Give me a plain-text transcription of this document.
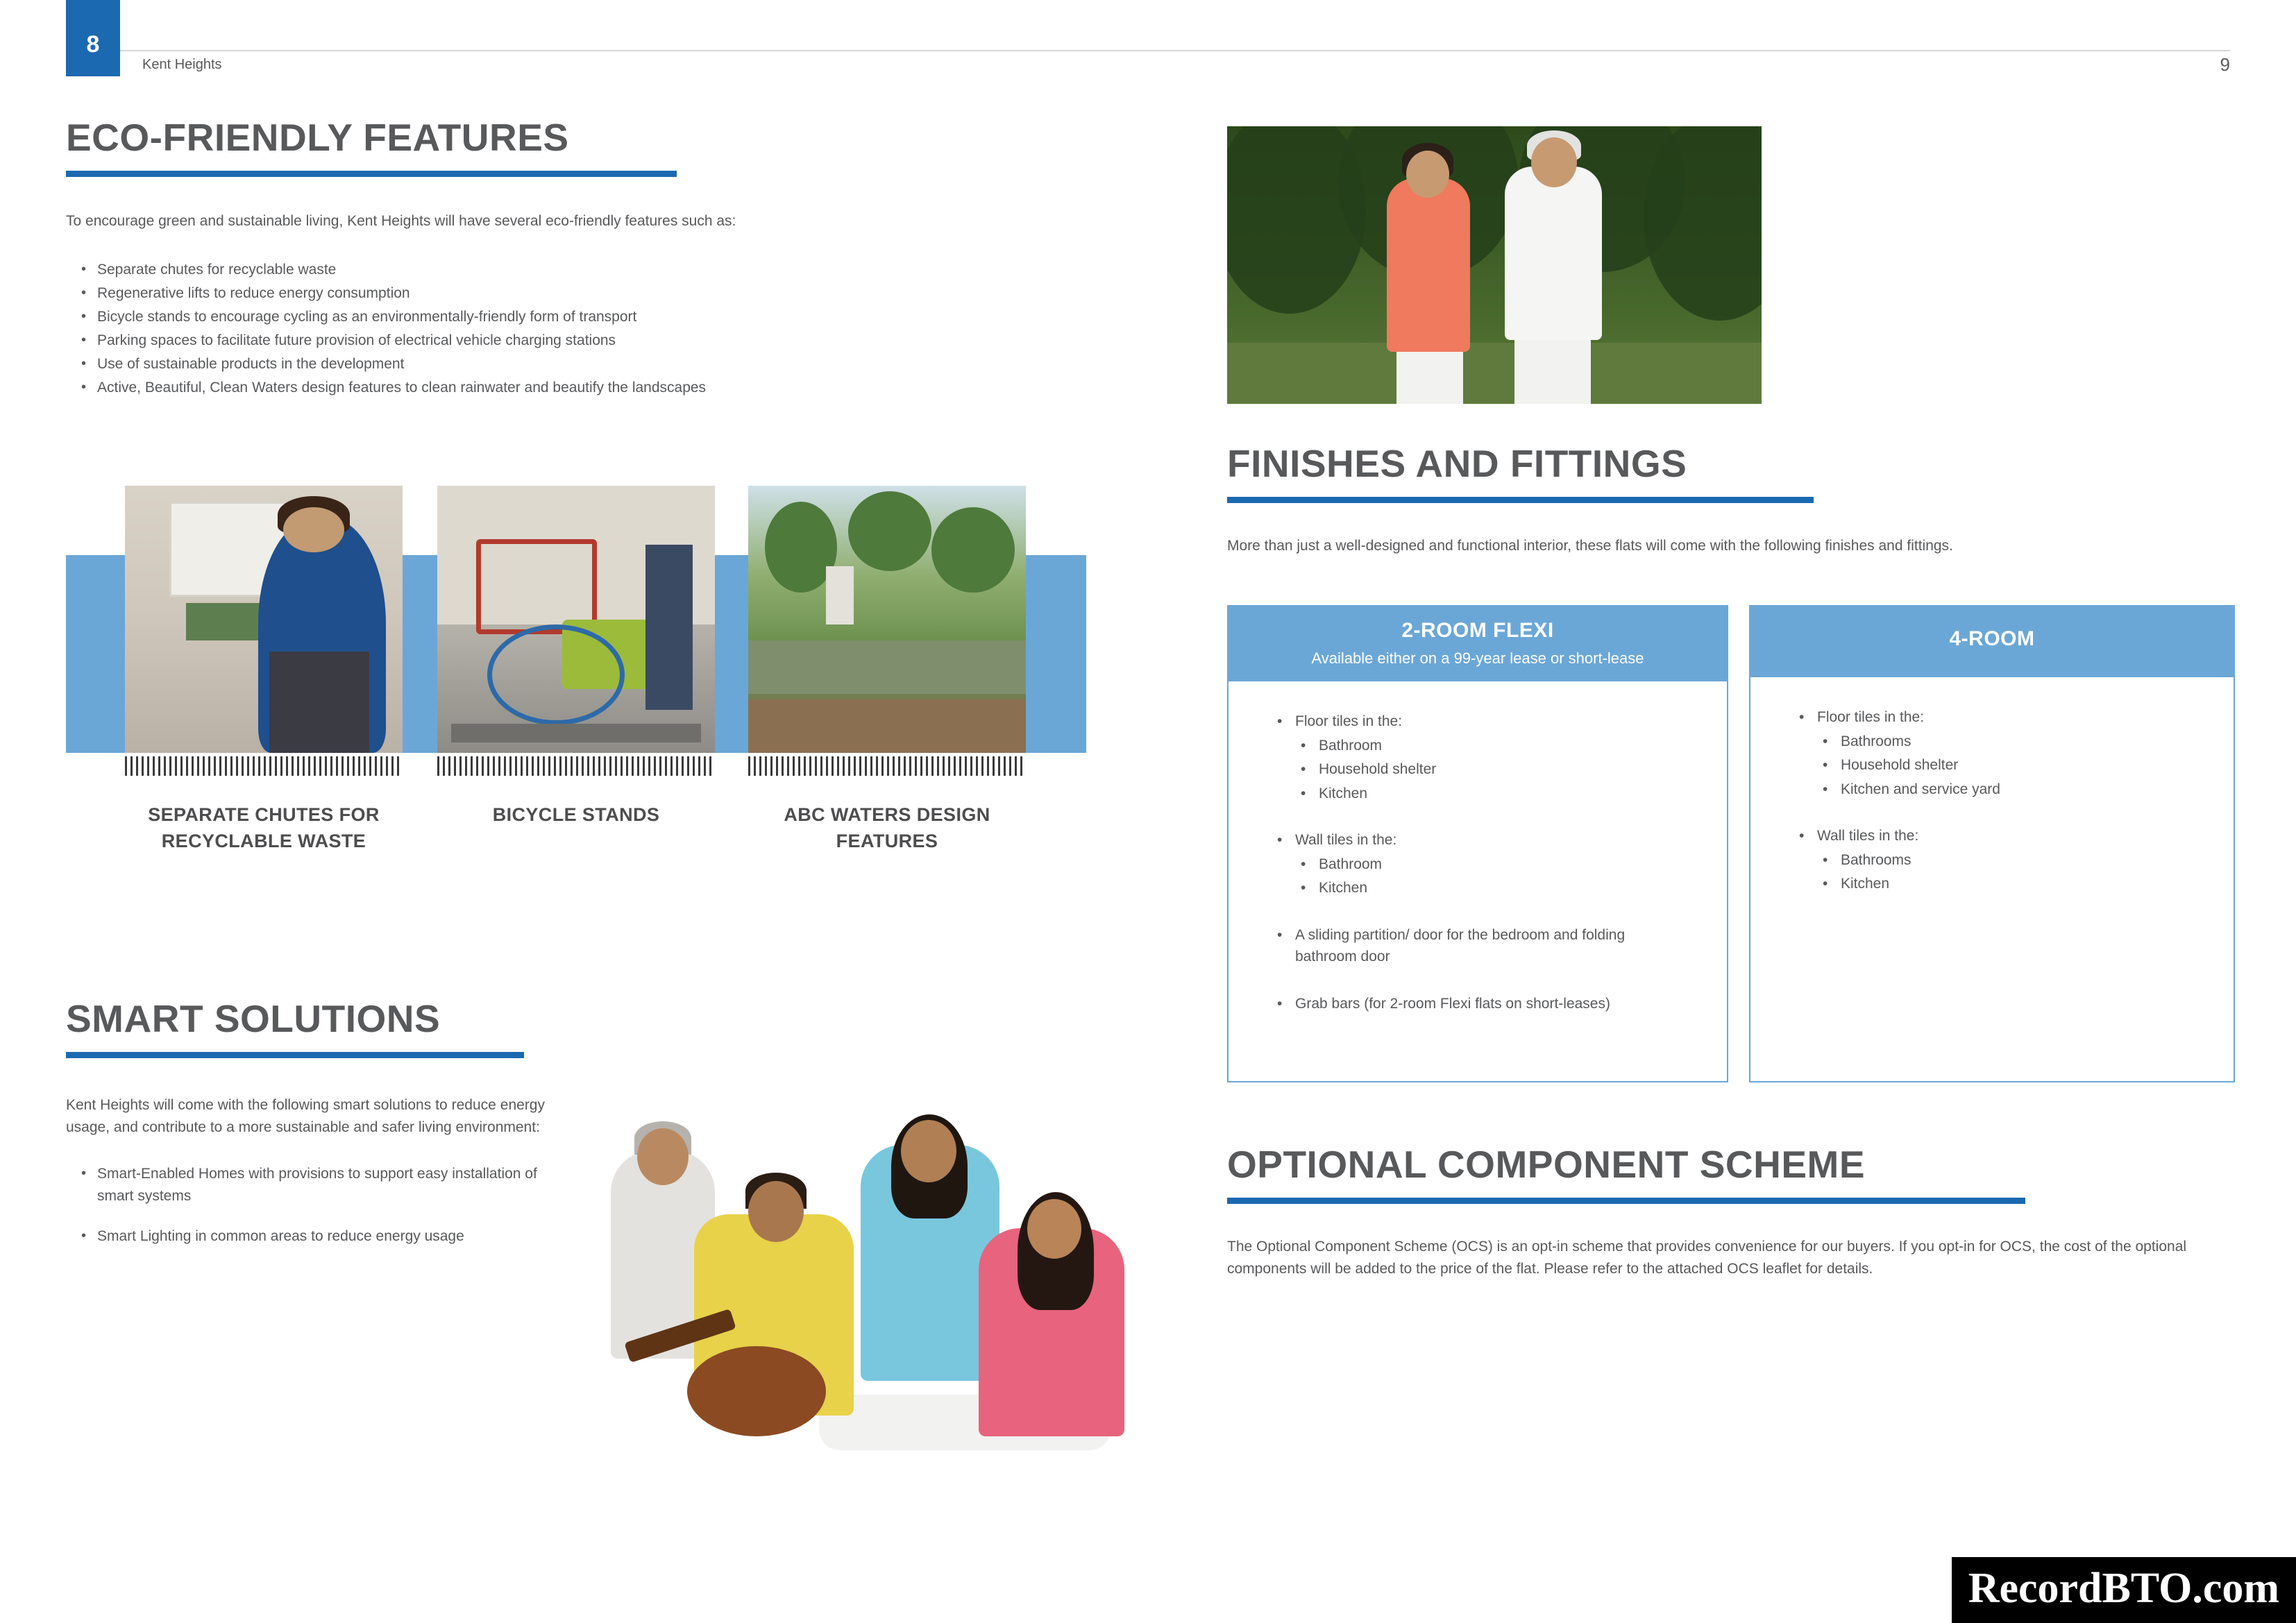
8
Kent Heights	9
ECO-FRIENDLY FEATURES
To encourage green and sustainable living, Kent Heights will have several eco-friendly features such as:
• Separate chutes for recyclable waste
• Regenerative lifts to reduce energy consumption
• Bicycle stands to encourage cycling as an environmentally-friendly form of transport
• Parking spaces to facilitate future provision of electrical vehicle charging stations
• Use of sustainable products in the development
• Active, Beautiful, Clean Waters design features to clean rainwater and beautify the landscapes
SEPARATE CHUTES FOR RECYCLABLE WASTE
BICYCLE STANDS	ABC WATERS DESIGN FEATURES
SMART SOLUTIONS
Kent Heights will come with the following smart solutions to reduce energy usage, and contribute to a more sustainable and safer living environment:
• Smart-Enabled Homes with provisions to support easy installation of smart systems
• Smart Lighting in common areas to reduce energy usage
FINISHES AND FITTINGS
More than just a well-designed and functional interior, these flats will come with the following finishes and fittings.
2-ROOM FLEXI
Available either on a 99-year lease or short-lease
• Floor tiles in the:
• Bathroom
• Household shelter
• Kitchen
• Wall tiles in the:
• Bathroom
• Kitchen
• A sliding partition/ door for the bedroom and folding bathroom door
• Grab bars (for 2-room Flexi flats on short-leases)
4-ROOM
• Floor tiles in the:
• Bathrooms
• Household shelter
• Kitchen and service yard
• Wall tiles in the:
• Bathrooms
• Kitchen
OPTIONAL COMPONENT SCHEME
The Optional Component Scheme (OCS) is an opt-in scheme that provides convenience for our buyers. If you opt-in for OCS, the cost of the optional components will be added to the price of the flat. Please refer to the attached OCS leaflet for details.
RecordBTO.com
